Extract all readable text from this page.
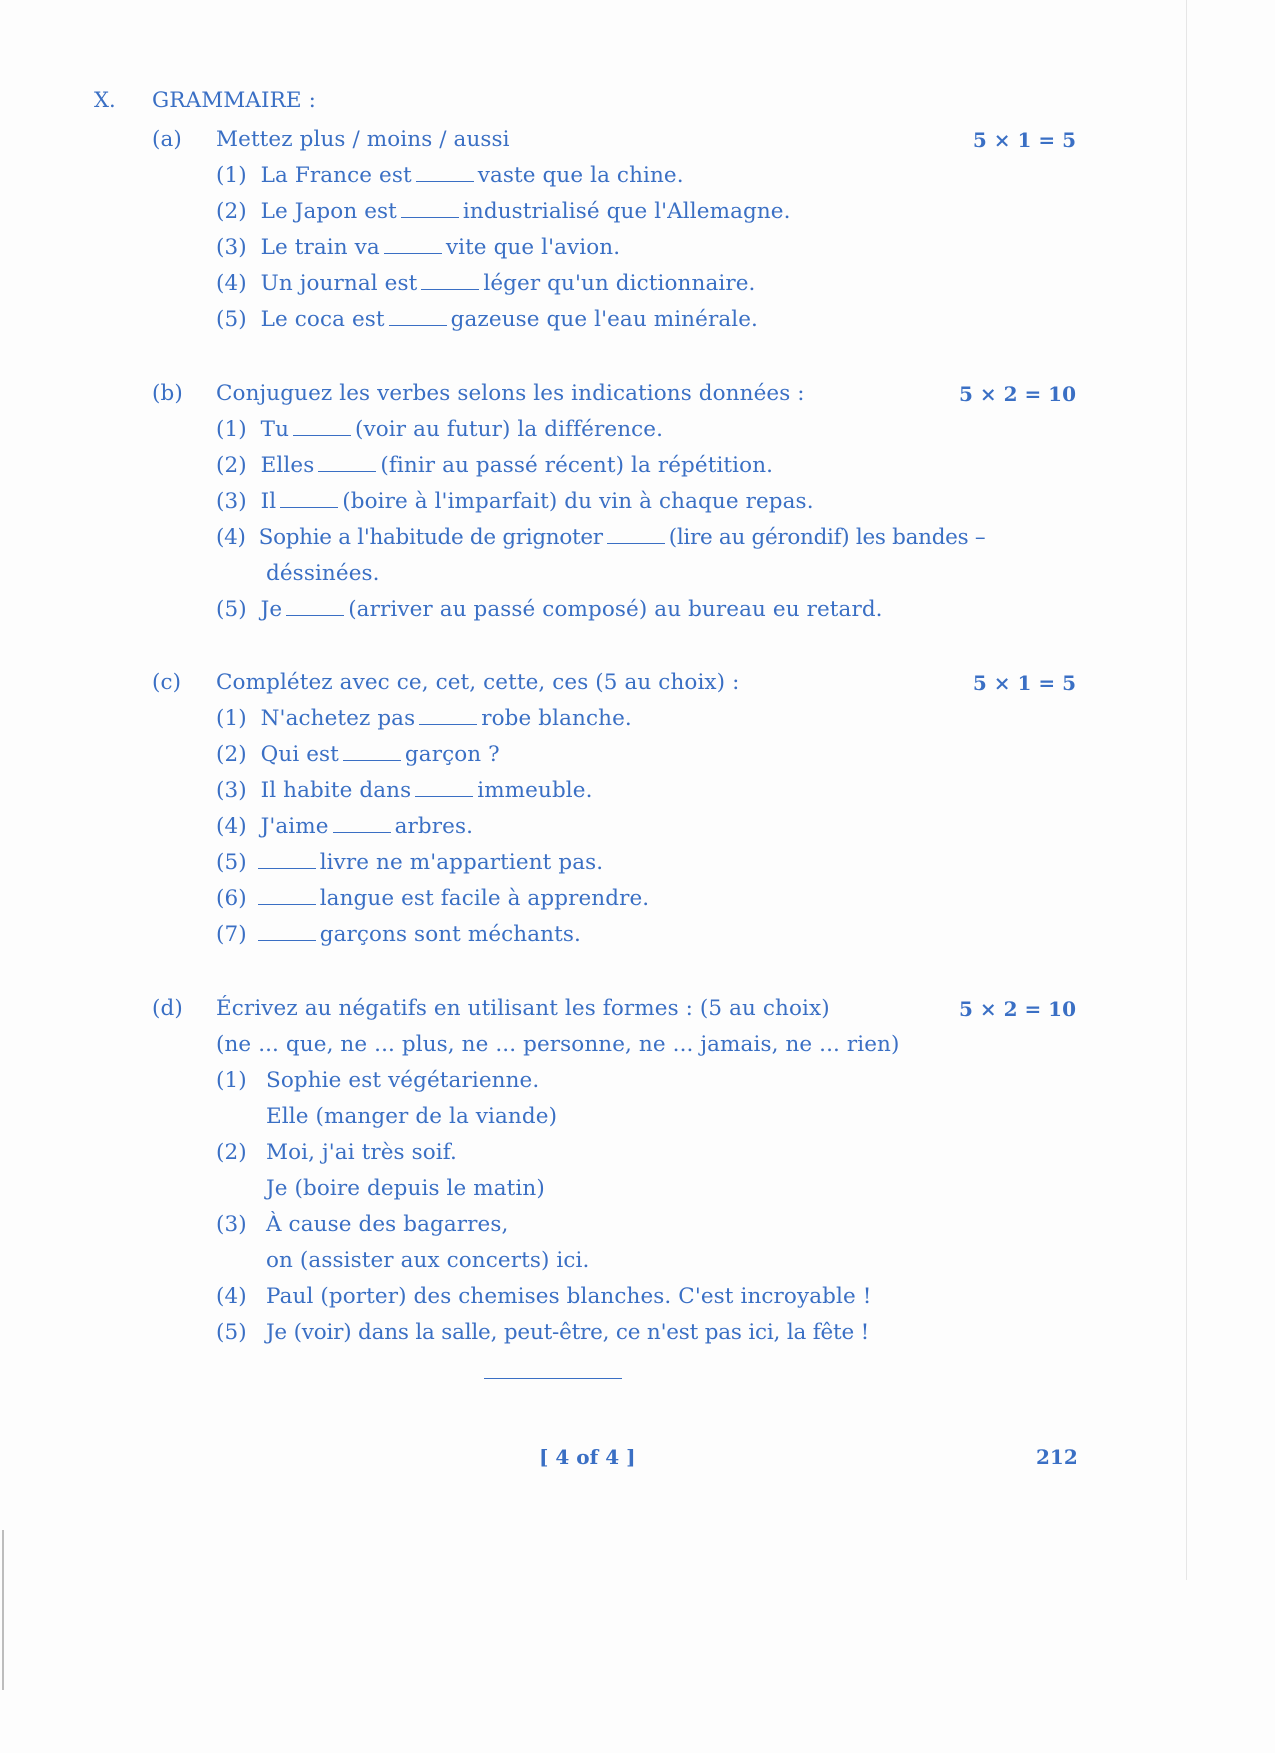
X. GRAMMAIRE :
(a) Mettez plus / moins / aussi	5 × 1 = 5
(1) La France est	vaste que la chine.
(2) Le Japon est	industrialisé que l'Allemagne.
(3) Le train va	vite que l'avion.
(4) Un journal est	léger qu'un dictionnaire.
(5) Le coca est	gazeuse que l'eau minérale.
(b) Conjuguez les verbes selons les indications données :	5 × 2 = 10
(1) Tu	(voir au futur) la différence.
(2) Elles	(finir au passé récent) la répétition.
(3) Il	(boire à l'imparfait) du vin à chaque repas.
(4) Sophie a l'habitude de grignoter	(lire au gérondif) les bandes –
déssinées.
(5) Je	(arriver au passé composé) au bureau eu retard.
(c) Complétez avec ce, cet, cette, ces (5 au choix) :	5 × 1 = 5
(1) N'achetez pas	robe blanche.
(2) Qui est	garçon ?
(3) Il habite dans	immeuble.
(4) J'aime	arbres.
(5)	livre ne m'appartient pas.
(6)	langue est facile à apprendre.
(7)	garçons sont méchants.
(d) Écrivez au négatifs en utilisant les formes : (5 au choix)	5 × 2 = 10
(ne ... que, ne ... plus, ne ... personne, ne ... jamais, ne ... rien)
(1) Sophie est végétarienne.
Elle (manger de la viande)
(2) Moi, j'ai très soif.
Je (boire depuis le matin)
(3) À cause des bagarres,
on (assister aux concerts) ici.
(4) Paul (porter) des chemises blanches. C'est incroyable !
(5) Je (voir) dans la salle, peut-être, ce n'est pas ici, la fête !
[ 4 of 4 ]	212
